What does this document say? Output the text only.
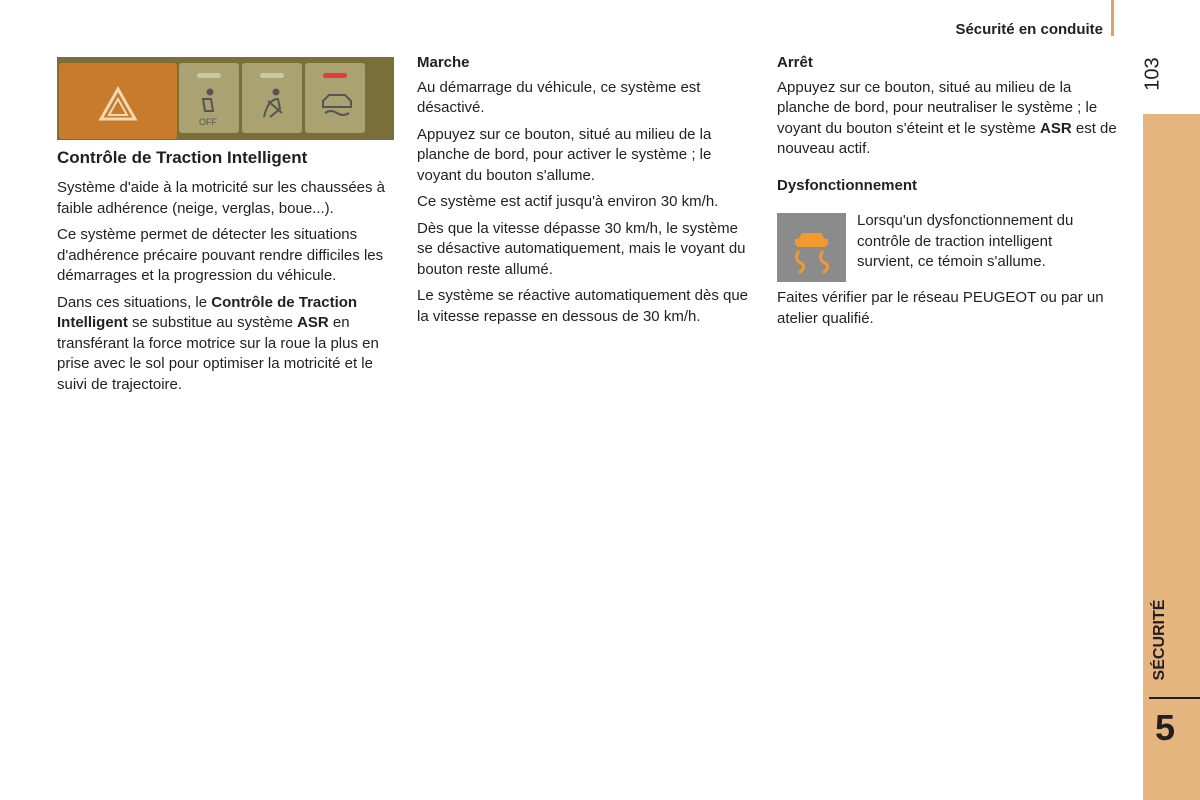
Sécurité en conduite
103
SÉCURITÉ
5
OFF
Contrôle de Traction Intelligent

Système d'aide à la motricité sur les chaussées à faible adhérence (neige, verglas, boue...).

Ce système permet de détecter les situations d'adhérence précaire pouvant rendre difficiles les démarrages et la progression du véhicule.

Dans ces situations, le Contrôle de Traction Intelligent se substitue au système ASR en transférant la force motrice sur la roue la plus en prise avec le sol pour optimiser la motricité et le suivi de trajectoire.

Marche

Au démarrage du véhicule, ce système est désactivé.

Appuyez sur ce bouton, situé au milieu de la planche de bord, pour activer le système ; le voyant du bouton s'allume.

Ce système est actif jusqu'à environ 30 km/h.

Dès que la vitesse dépasse 30 km/h, le système se désactive automatiquement, mais le voyant du bouton reste allumé.

Le système se réactive automatiquement dès que la vitesse repasse en dessous de 30 km/h.

Arrêt

Appuyez sur ce bouton, situé au milieu de la planche de bord, pour neutraliser le système ; le voyant du bouton s'éteint et le système ASR est de nouveau actif.

Dysfonctionnement

Lorsqu'un dysfonctionnement du contrôle de traction intelligent survient, ce témoin s'allume.

Faites vérifier par le réseau PEUGEOT ou par un atelier qualifié.
